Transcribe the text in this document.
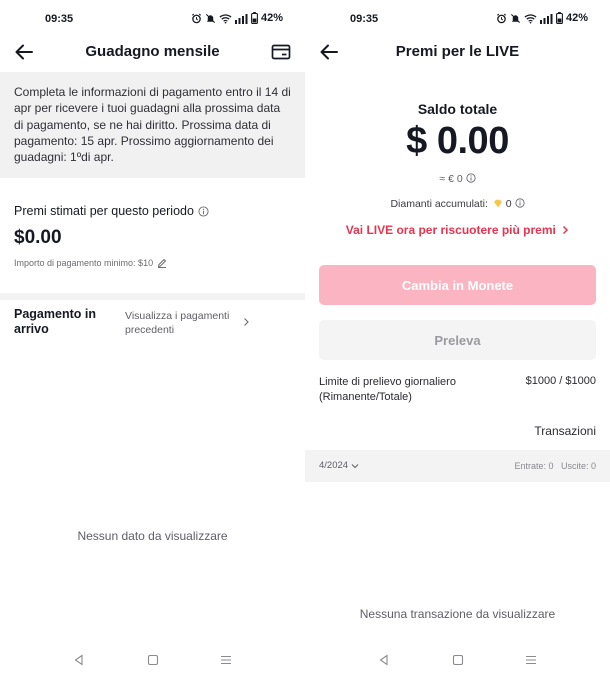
09:35	42%
Guadagno mensile
Completa le informazioni di pagamento entro il 14 di apr per ricevere i tuoi guadagni alla prossima data di pagamento, se ne hai diritto. Prossima data di pagamento: 15 apr. Prossimo aggiornamento dei guadagni: 1ºdi apr.
Premi stimati per questo periodo
$0.00
Importo di pagamento minimo: $10
Pagamento in arrivo
Visualizza i pagamenti precedenti
Nessun dato da visualizzare
09:35	42%
Premi per le LIVE
Saldo totale
$ 0.00
≈ € 0
Diamanti accumulati: 0
Vai LIVE ora per riscuotere più premi
Cambia in Monete
Preleva
Limite di prelievo giornaliero (Rimanente/Totale)
$1000 / $1000
Transazioni
4/2024	Entrate: 0   Uscite: 0
Nessuna transazione da visualizzare
